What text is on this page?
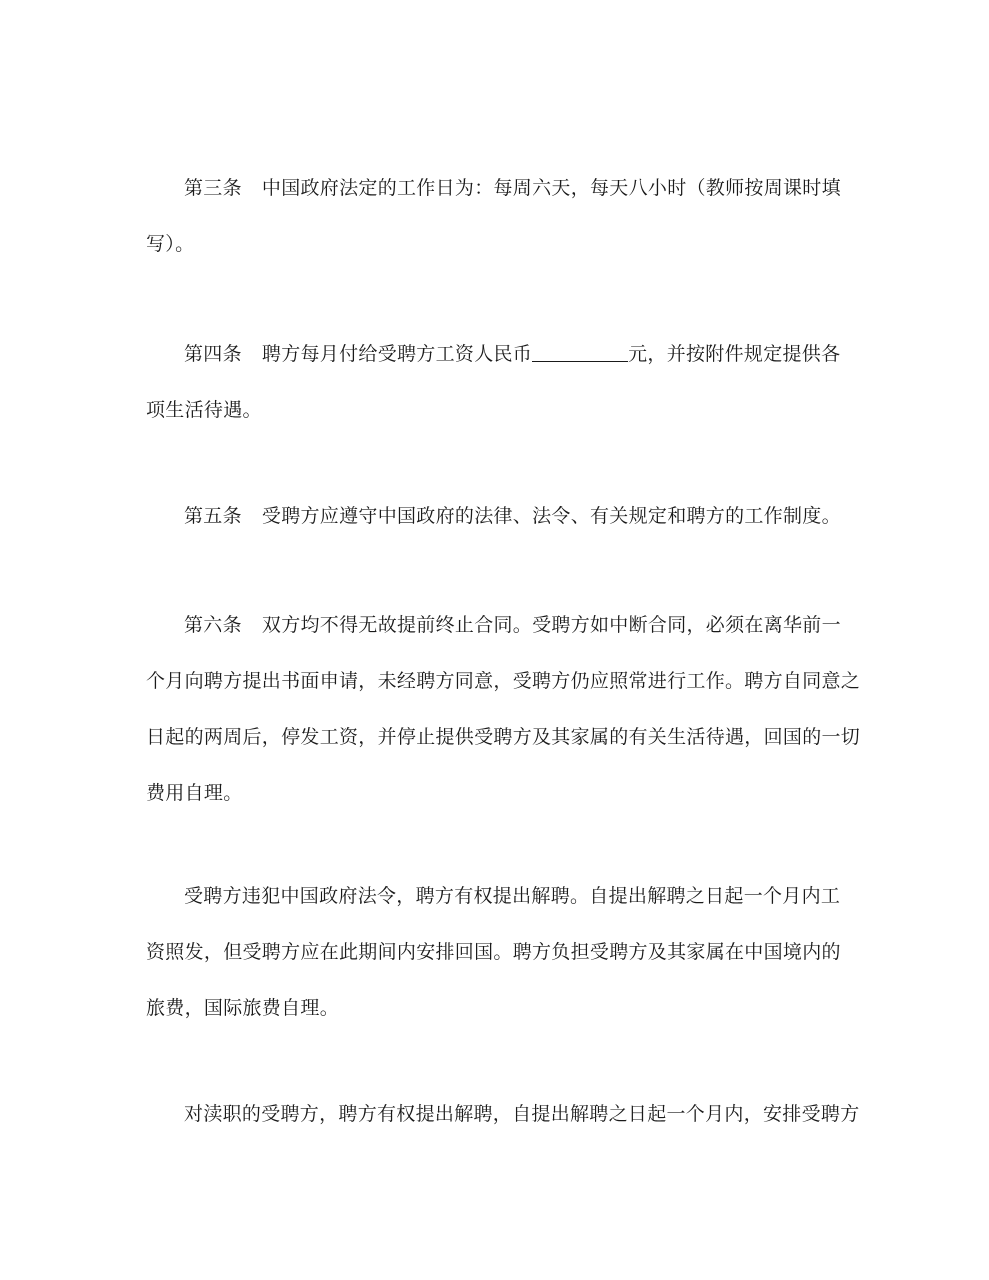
第三条 中国政府法定的工作日为：每周六天，每天八小时（教师按周课时填
写）。
第四条 聘方每月付给受聘方工资人民币	元，并按附件规定提供各
项生活待遇。
第五条 受聘方应遵守中国政府的法律、法令、有关规定和聘方的工作制度。
第六条 双方均不得无故提前终止合同。受聘方如中断合同，必须在离华前一
个月向聘方提出书面申请，未经聘方同意，受聘方仍应照常进行工作。聘方自同意之
日起的两周后，停发工资，并停止提供受聘方及其家属的有关生活待遇，回国的一切
费用自理。
受聘方违犯中国政府法令，聘方有权提出解聘。自提出解聘之日起一个月内工
资照发，但受聘方应在此期间内安排回国。聘方负担受聘方及其家属在中国境内的
旅费，国际旅费自理。
对渎职的受聘方，聘方有权提出解聘，自提出解聘之日起一个月内，安排受聘方
